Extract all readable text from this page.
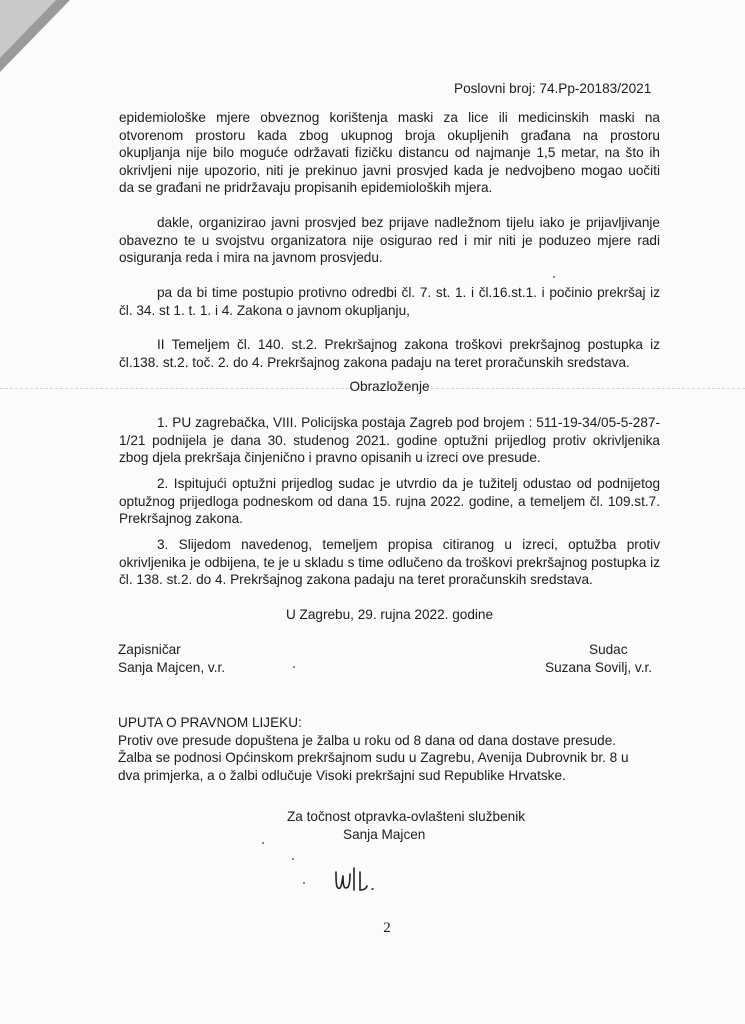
Poslovni broj: 74.Pp-20183/2021

epidemiološke mjere obveznog korištenja maski za lice ili medicinskih maski na

otvorenom prostoru kada zbog ukupnog broja okupljenih građana na prostoru

okupljanja nije bilo moguće održavati fizičku distancu od najmanje 1,5 metar, na što ih

okrivljeni nije upozorio, niti je prekinuo javni prosvjed kada je nedvojbeno mogao uočiti

da se građani ne pridržavaju propisanih epidemioloških mjera.

dakle, organizirao javni prosvjed bez prijave nadležnom tijelu iako je prijavljivanje obavezno te u svojstvu organizatora nije osigurao red i mir niti je poduzeo mjere radi osiguranja reda i mira na javnom prosvjedu.

pa da bi time postupio protivno odredbi čl. 7. st. 1. i čl.16.st.1. i počinio prekršaj iz čl. 34. st 1. t. 1. i 4. Zakona o javnom okupljanju,

II Temeljem čl. 140. st.2. Prekršajnog zakona troškovi prekršajnog postupka iz čl.138. st.2. toč. 2. do 4. Prekršajnog zakona padaju na teret proračunskih sredstava.

Obrazloženje

1. PU zagrebačka, VIII. Policijska postaja Zagreb pod brojem : 511-19-34/05-5-287-1/21 podnijela je dana 30. studenog 2021. godine optužni prijedlog protiv okrivljenika zbog djela prekršaja činjenično i pravno opisanih u izreci ove presude.

2. Ispitujući optužni prijedlog sudac je utvrdio da je tužitelj odustao od podnijetog optužnog prijedloga podneskom od dana 15. rujna 2022. godine, a temeljem čl. 109.st.7. Prekršajnog zakona.

3. Slijedom navedenog, temeljem propisa citiranog u izreci, optužba protiv okrivljenika je odbijena, te je u skladu s time odlučeno da troškovi prekršajnog postupka iz čl. 138. st.2. do 4. Prekršajnog zakona padaju na teret proračunskih sredstava.

U Zagrebu, 29. rujna 2022. godine
Zapisničar
Sanja Majcen, v.r.
Sudac
Suzana Sovilj, v.r.

UPUTA O PRAVNOM LIJEKU:

Protiv ove presude dopuštena je žalba u roku od 8 dana od dana dostave presude.

Žalba se podnosi Općinskom prekršajnom sudu u Zagrebu, Avenija Dubrovnik br. 8 u

dva primjerka, a o žalbi odlučuje Visoki prekršajni sud Republike Hrvatske.

Za točnost otpravka-ovlašteni službenik
Sanja Majcen
2
